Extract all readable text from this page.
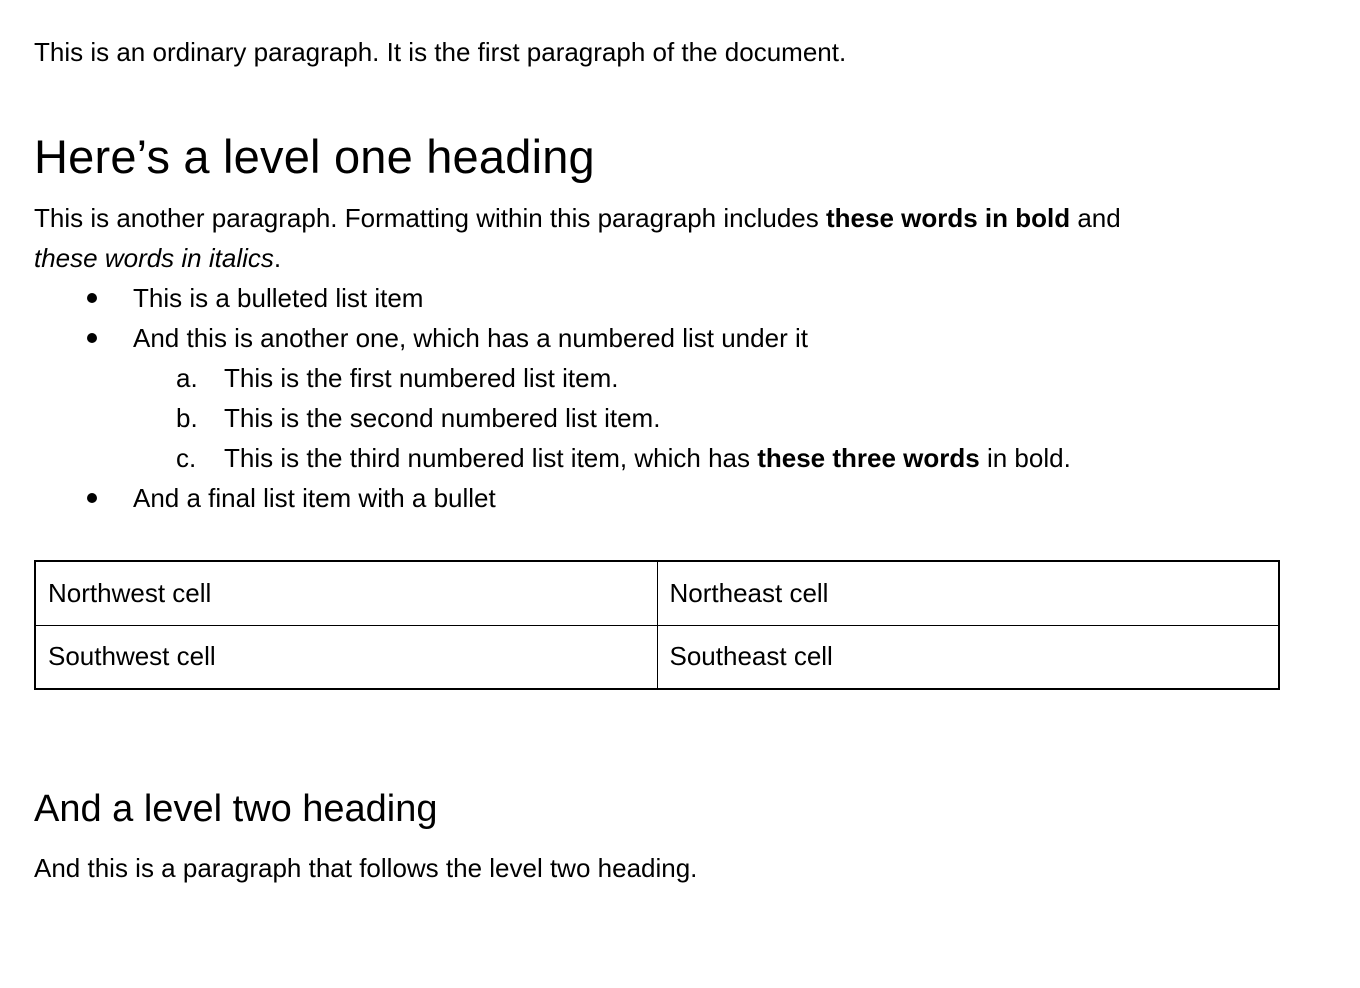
This is an ordinary paragraph. It is the first paragraph of the document.

Here’s a level one heading

This is another paragraph. Formatting within this paragraph includes these words in bold and
these words in italics.

This is a bulleted list item
And this is another one, which has a numbered list under it
a. This is the first numbered list item.
b. This is the second numbered list item.
c. This is the third numbered list item, which has these three words in bold.
And a final list item with a bullet
Northwest cell	Northeast cell
Southwest cell	Southeast cell
And a level two heading

And this is a paragraph that follows the level two heading.
